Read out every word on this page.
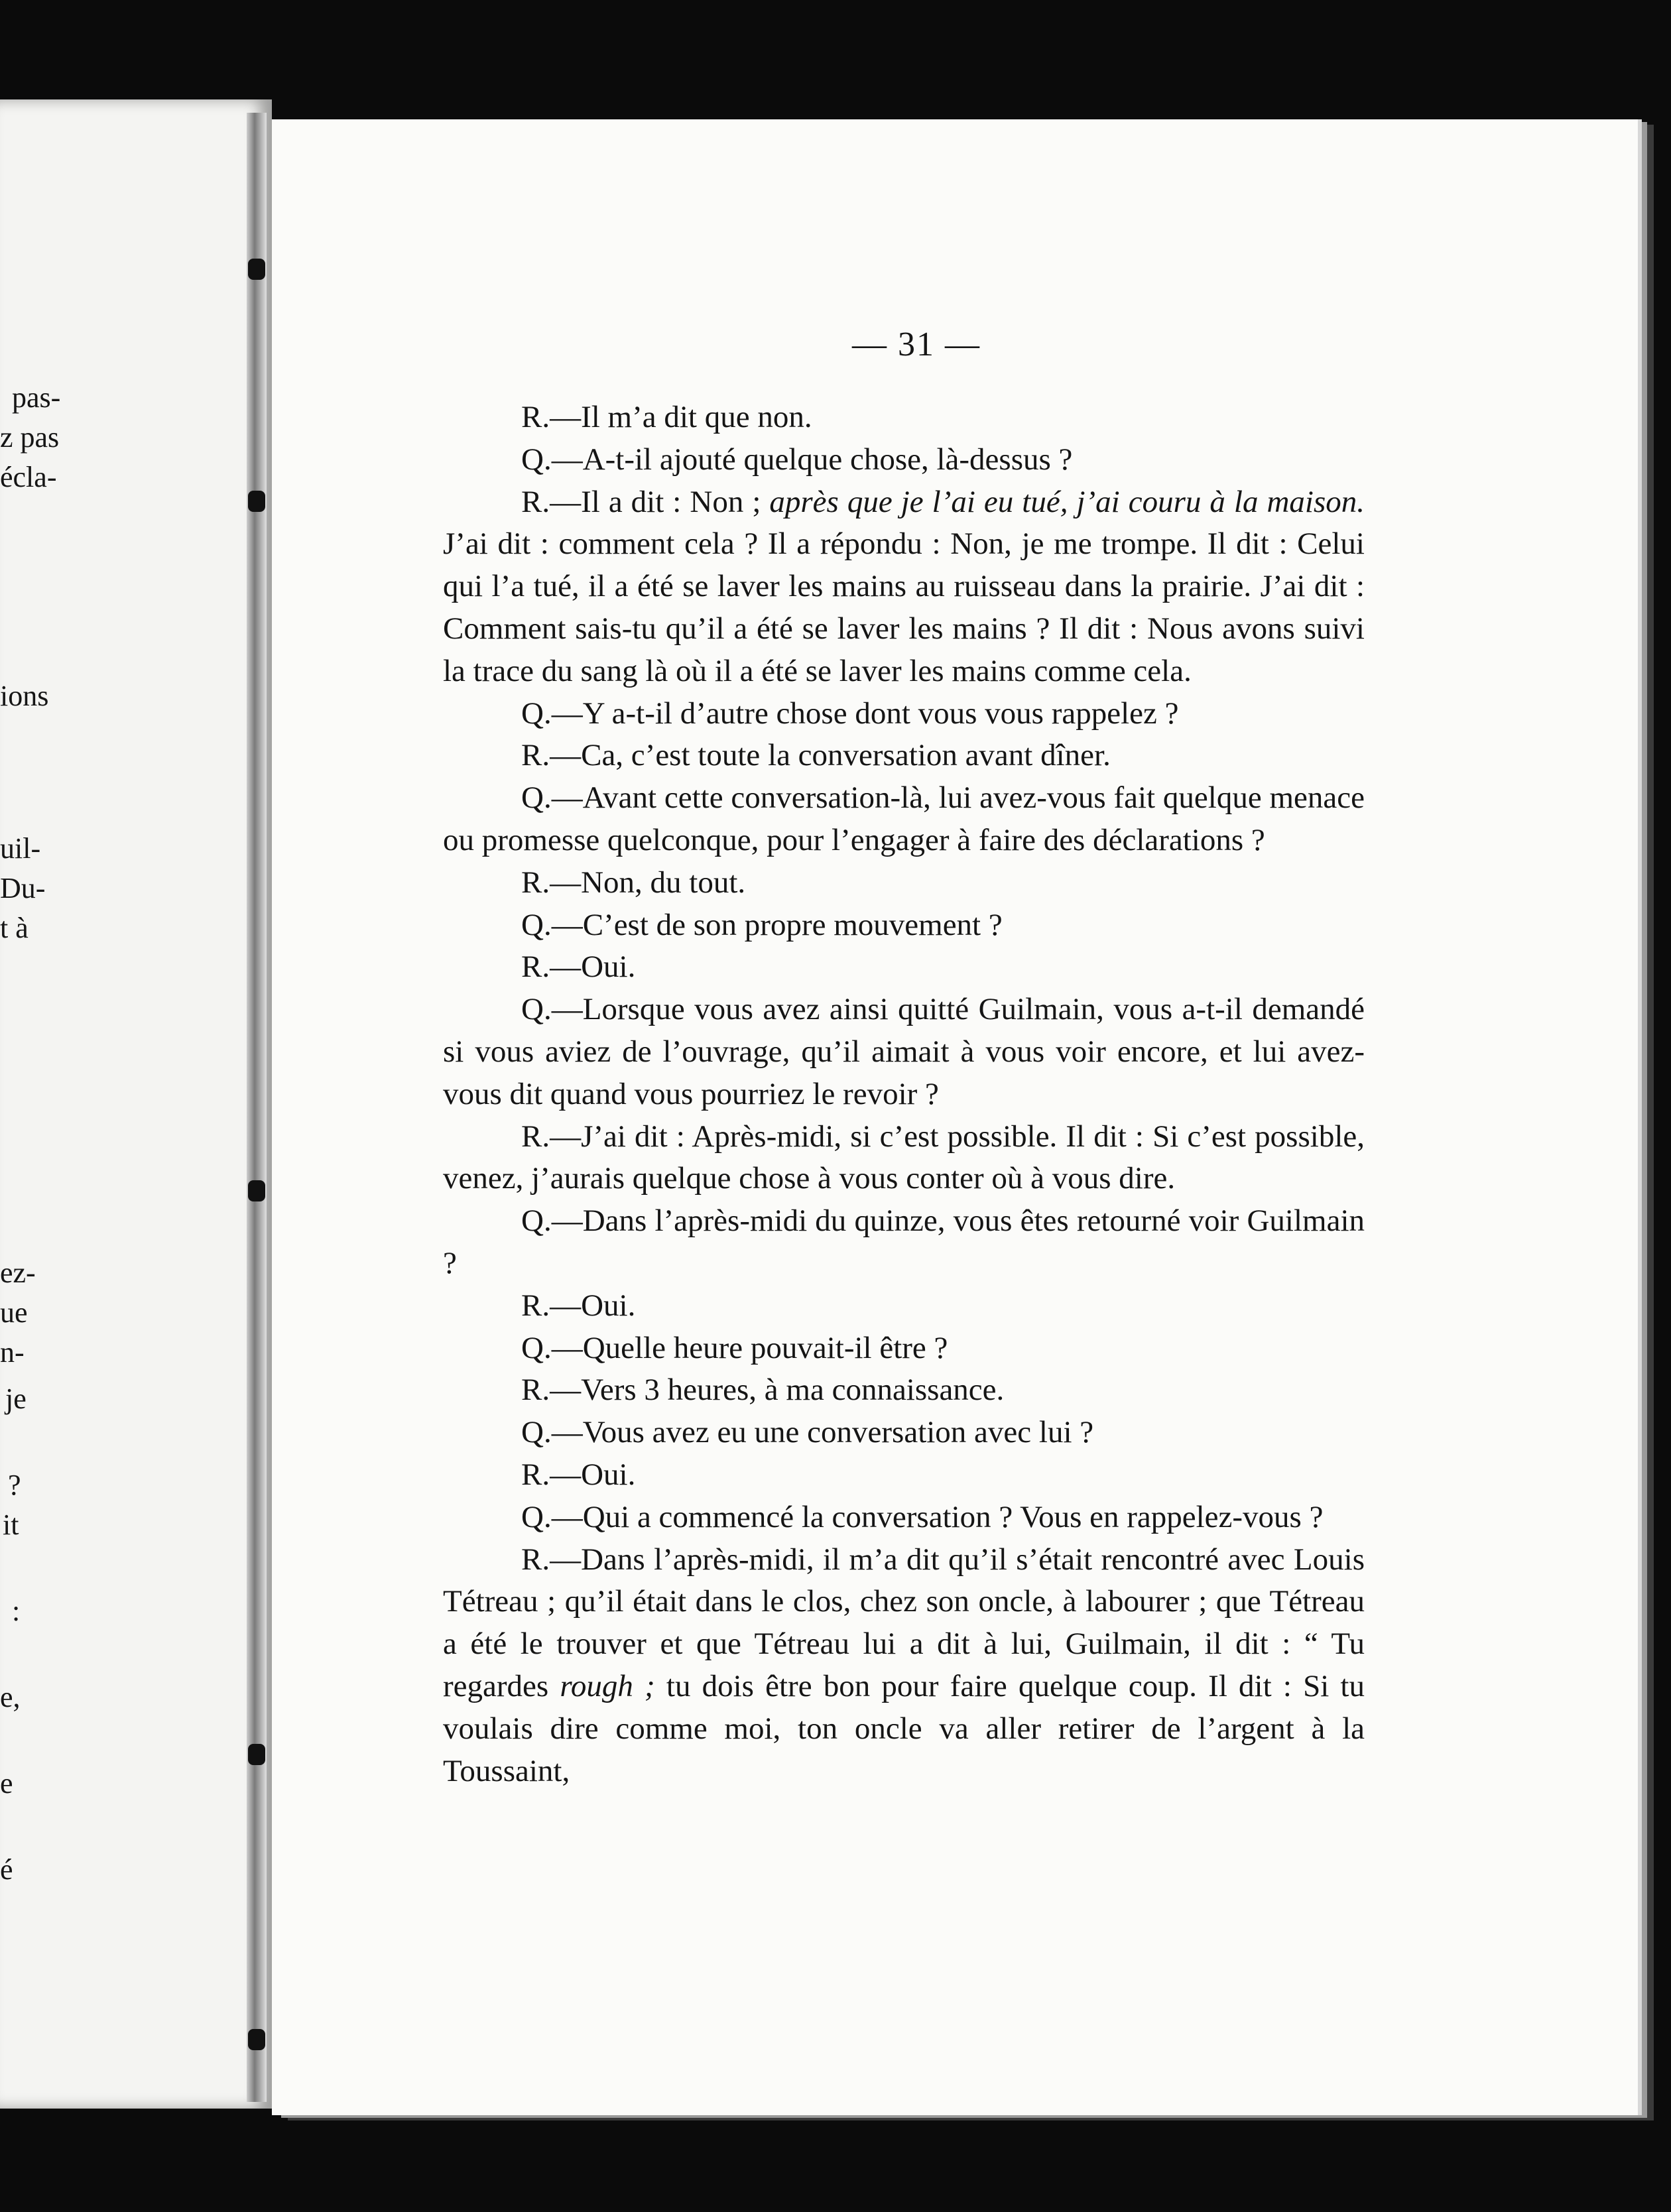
pas-
z pas
écla-
ions
uil-
Du-
t à
ez-
ue
n-
je
?
it
:
e,
e
é
— 31 —

R.—Il m’a dit que non.

Q.—A-t-il ajouté quelque chose, là-dessus ?

R.—Il a dit : Non ; après que je l’ai eu tué, j’ai couru à la maison. J’ai dit : comment cela ? Il a répondu : Non, je me trompe. Il dit : Celui qui l’a tué, il a été se laver les mains au ruisseau dans la prairie. J’ai dit : Comment sais-tu qu’il a été se laver les mains ? Il dit : Nous avons suivi la trace du sang là où il a été se laver les mains comme cela.

Q.—Y a-t-il d’autre chose dont vous vous rappelez ?

R.—Ca, c’est toute la conversation avant dîner.

Q.—Avant cette conversation-là, lui avez-vous fait quelque menace ou promesse quelconque, pour l’engager à faire des déclarations ?

R.—Non, du tout.

Q.—C’est de son propre mouvement ?

R.—Oui.

Q.—Lorsque vous avez ainsi quitté Guilmain, vous a-t-il demandé si vous aviez de l’ouvrage, qu’il aimait à vous voir encore, et lui avez-vous dit quand vous pourriez le revoir ?

R.—J’ai dit : Après-midi, si c’est possible. Il dit : Si c’est possible, venez, j’aurais quelque chose à vous conter où à vous dire.

Q.—Dans l’après-midi du quinze, vous êtes retourné voir Guilmain ?

R.—Oui.

Q.—Quelle heure pouvait-il être ?

R.—Vers 3 heures, à ma connaissance.

Q.—Vous avez eu une conversation avec lui ?

R.—Oui.

Q.—Qui a commencé la conversation ? Vous en rappelez-vous ?

R.—Dans l’après-midi, il m’a dit qu’il s’était rencontré avec Louis Tétreau ; qu’il était dans le clos, chez son oncle, à labourer ; que Tétreau a été le trouver et que Tétreau lui a dit à lui, Guilmain, il dit : “ Tu regardes rough ; tu dois être bon pour faire quelque coup. Il dit : Si tu voulais dire comme moi, ton oncle va aller retirer de l’argent à la Toussaint,
